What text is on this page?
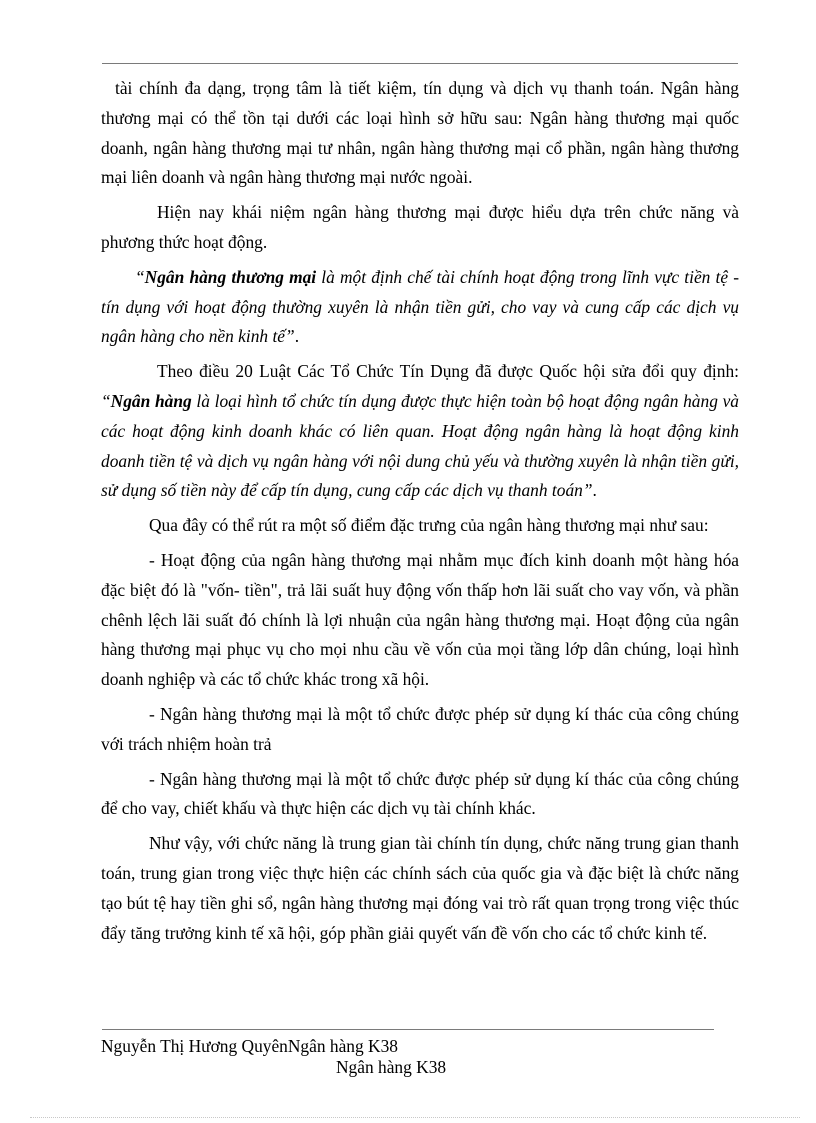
tài chính đa dạng, trọng tâm là tiết kiệm, tín dụng và dịch vụ thanh toán. Ngân hàng thương mại có thể tồn tại dưới các loại hình sở hữu sau: Ngân hàng thương mại quốc doanh, ngân hàng thương mại tư nhân, ngân hàng thương mại cổ phần, ngân hàng thương mại liên doanh và ngân hàng thương mại nước ngoài.

Hiện nay khái niệm ngân hàng thương mại được hiểu dựa trên chức năng và phương thức hoạt động.

“Ngân hàng thương mại là một định chế tài chính hoạt động trong lĩnh vực tiền tệ - tín dụng với hoạt động thường xuyên là nhận tiền gửi, cho vay và cung cấp các dịch vụ ngân hàng cho nền kinh tế”.

Theo điều 20 Luật Các Tổ Chức Tín Dụng đã được Quốc hội sửa đổi quy định: “Ngân hàng là loại hình tổ chức tín dụng được thực hiện toàn bộ hoạt động ngân hàng và các hoạt động kinh doanh khác có liên quan. Hoạt động ngân hàng là hoạt động kinh doanh tiền tệ và dịch vụ ngân hàng với nội dung chủ yếu và thường xuyên là nhận tiền gửi, sử dụng số tiền này để cấp tín dụng, cung cấp các dịch vụ thanh toán”.

Qua đây có thể rút ra một số điểm đặc trưng của ngân hàng thương mại như sau:

- Hoạt động của ngân hàng thương mại nhằm mục đích kinh doanh một hàng hóa đặc biệt đó là "vốn- tiền", trả lãi suất huy động vốn thấp hơn lãi suất cho vay vốn, và phần chênh lệch lãi suất đó chính là lợi nhuận của ngân hàng thương mại. Hoạt động của ngân hàng thương mại phục vụ cho mọi nhu cầu về vốn của mọi tầng lớp dân chúng, loại hình doanh nghiệp và các tổ chức khác trong xã hội.

- Ngân hàng thương mại là một tổ chức được phép sử dụng kí thác của công chúng với trách nhiệm hoàn trả

- Ngân hàng thương mại là một tổ chức được phép sử dụng kí thác của công chúng để cho vay, chiết khấu và thực hiện các dịch vụ tài chính khác.

Như vậy, với chức năng là trung gian tài chính tín dụng, chức năng trung gian thanh toán, trung gian trong việc thực hiện các chính sách của quốc gia và đặc biệt là chức năng tạo bút tệ hay tiền ghi sổ, ngân hàng thương mại đóng vai trò rất quan trọng trong việc thúc đẩy tăng trưởng kinh tế xã hội, góp phần giải quyết vấn đề vốn cho các tổ chức kinh tế.

Nguyễn Thị Hương QuyênNgân hàng K38
Ngân hàng K38
